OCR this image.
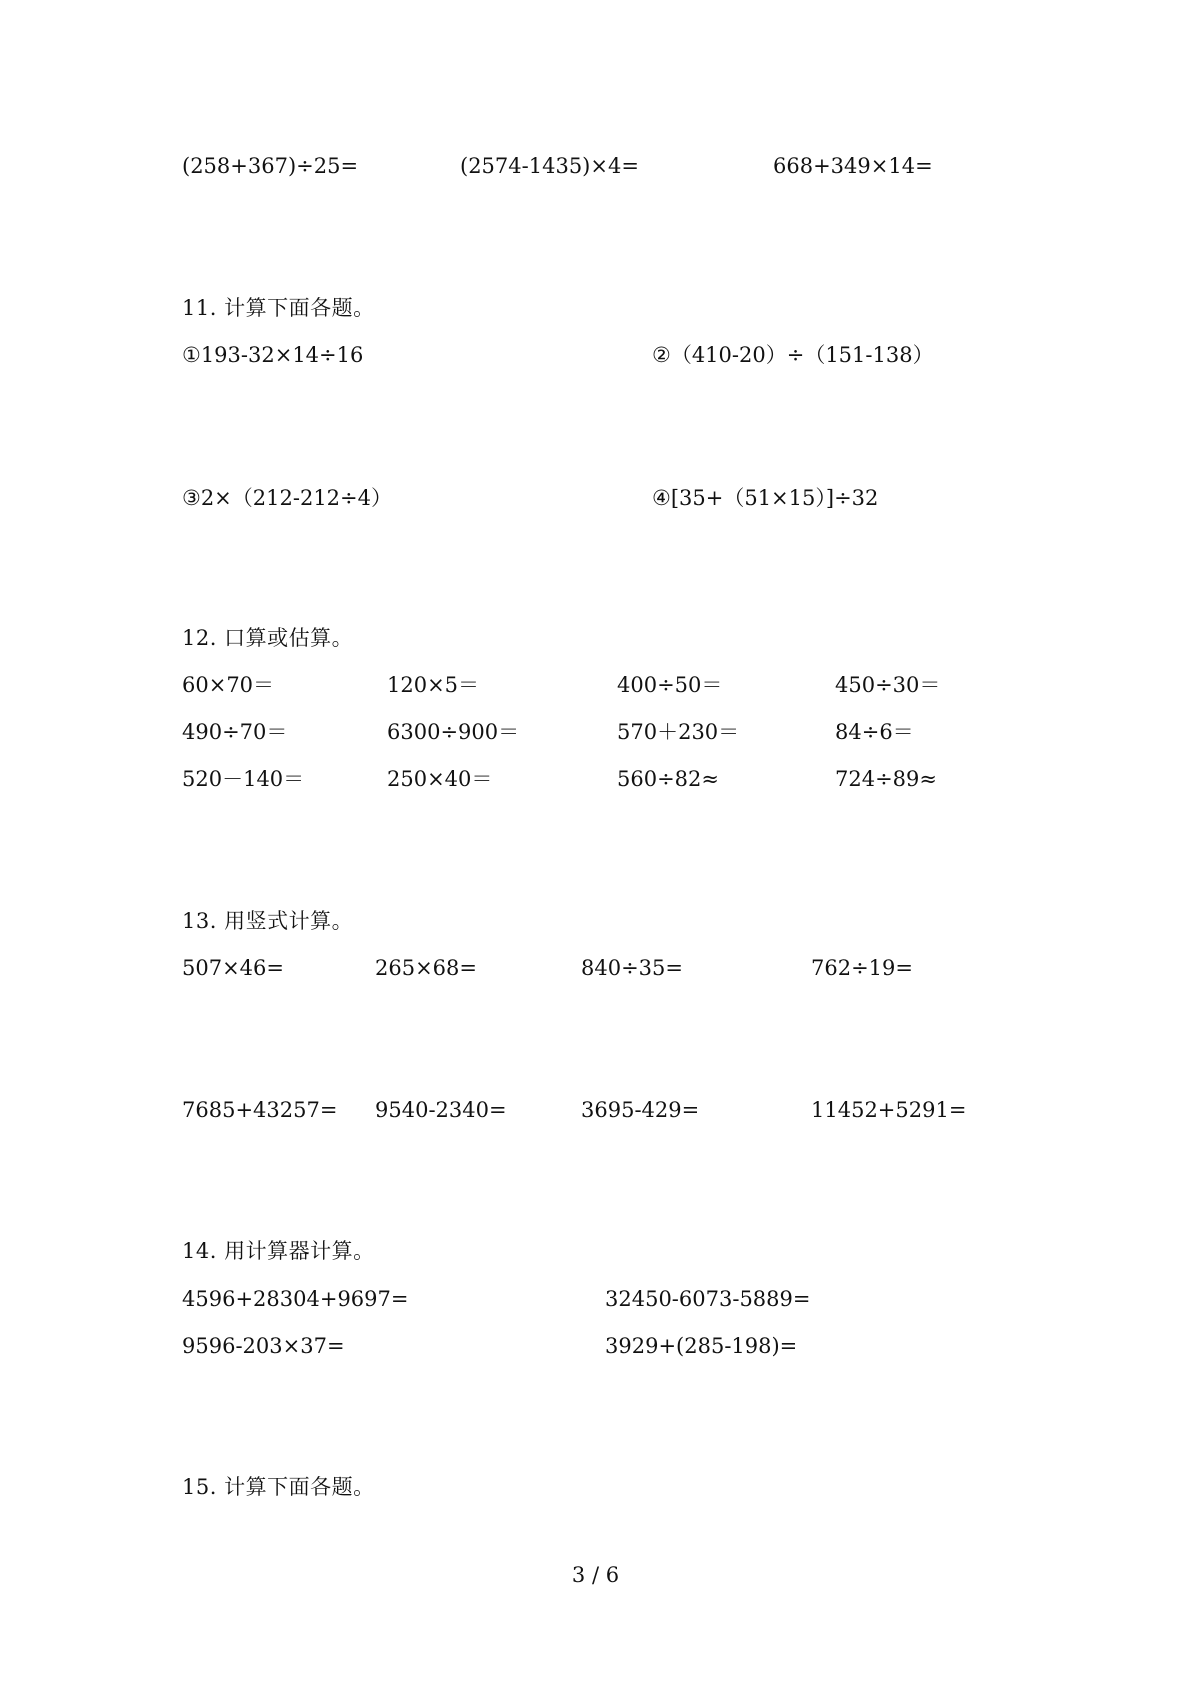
(258+367)÷25=	(2574-1435)×4=	668+349×14=
11. 计算下面各题。
①193-32×14÷16	②（410-20）÷（151-138）
③2×（212-212÷4）	④[35+（51×15）]÷32
12. 口算或估算。
60×70＝	120×5＝	400÷50＝	450÷30＝
490÷70＝	6300÷900＝	570＋230＝	84÷6＝
520－140＝	250×40＝	560÷82≈	724÷89≈
13. 用竖式计算。
507×46=	265×68=	840÷35=	762÷19=
7685+43257= 9540-2340=	3695-429=	11452+5291=
14. 用计算器计算。
4596+28304+9697=	32450-6073-5889=
9596-203×37=	3929+(285-198)=
15. 计算下面各题。
3 / 6
